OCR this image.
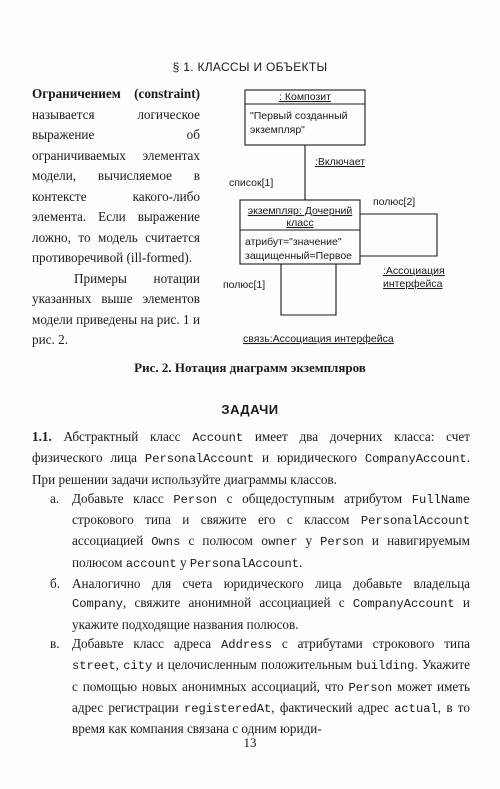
§ 1. КЛАССЫ И ОБЪЕКТЫ

Ограничением (constraint) называется логическое выражение об ограничиваемых элементах модели, вычисляемое в контексте какого-либо элемента. Если выражение ложно, то модель считается противоречивой (ill-formed).

Примеры нотации указанных выше элементов модели приведены на рис. 1 и рис. 2.

: Композит
"Первый созданный
экземпляр"
экземпляр: Дочерний
класс
атрибут="значение"
защищенный=Первое
:Включает
список[1]
полюс[2]
полюс[1]
:Ассоциация
интерфейса
связь:Ассоциация интерфейса
Рис. 2. Нотация диаграмм экземпляров
ЗАДАЧИ

1.1. Абстрактный класс Account имеет два дочерних класса: счет физического лица PersonalAccount и юридического CompanyAccount. При решении задачи используйте диаграммы классов.

а. Добавьте класс Person с общедоступным атрибутом FullName строкового типа и свяжите его с классом PersonalAccount ассоциацией Owns с полюсом owner у Person и навигируемым полюсом account у PersonalAccount.

б. Аналогично для счета юридического лица добавьте владельца Company, свяжите анонимной ассоциацией с CompanyAccount и укажите подходящие названия полюсов.

в. Добавьте класс адреса Address с атрибутами строкового типа street, city и целочисленным положительным building. Укажите с помощью новых анонимных ассоциаций, что Person может иметь адрес регистрации registeredAt, фактический адрес actual, в то время как компания связана с одним юриди-

13
